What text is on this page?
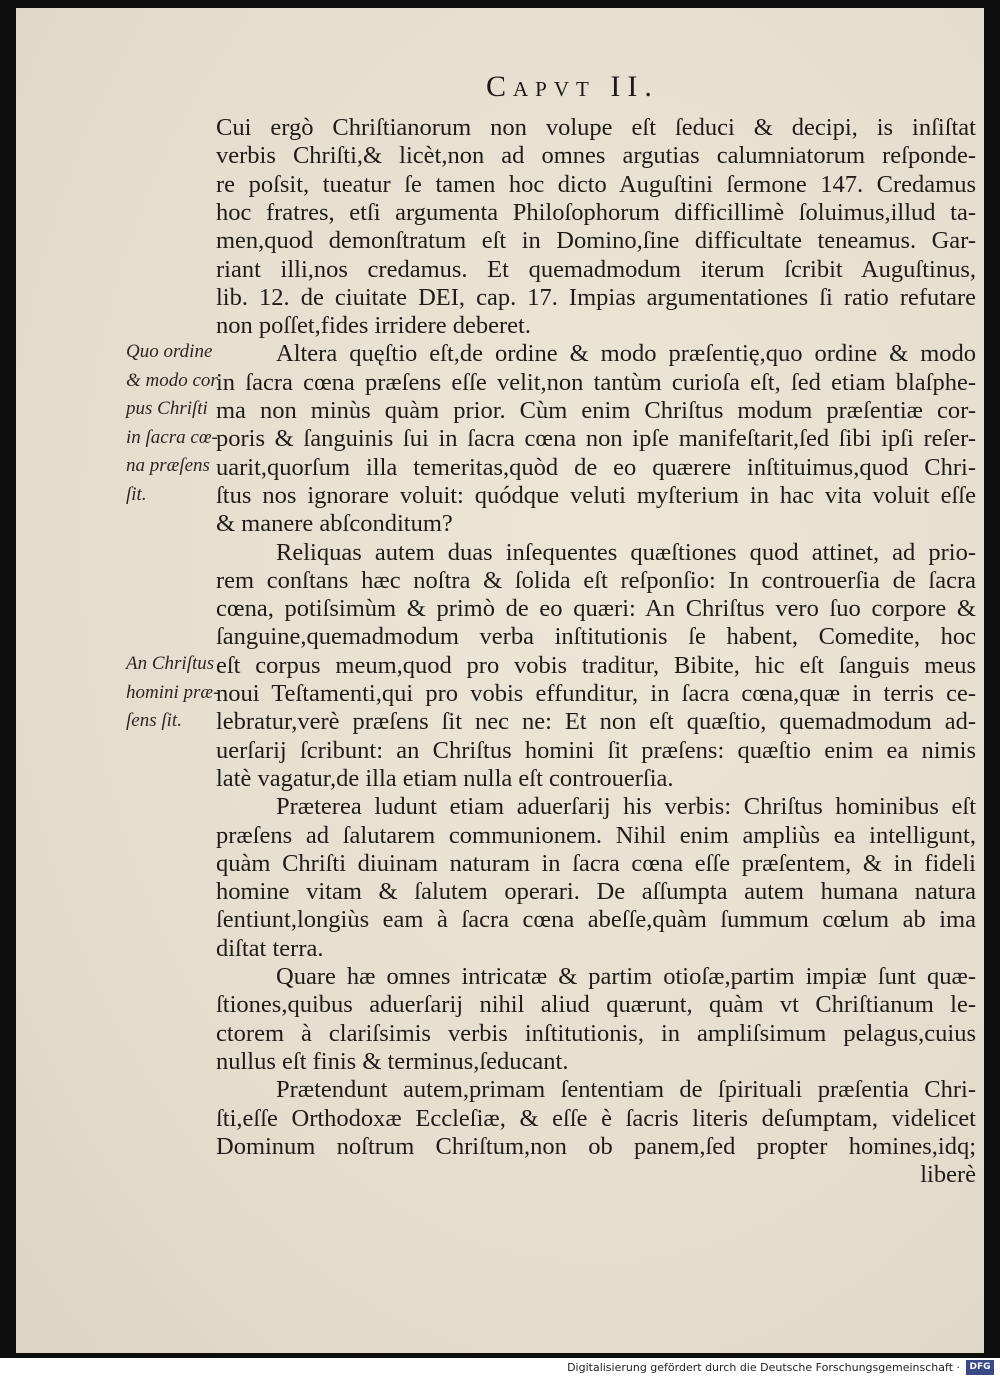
Capvt II.
Cui ergò Chriſtianorum non volupe eſt ſeduci & decipi, is inſiſtat
verbis Chriſti,& licèt,non ad omnes argutias calumniatorum reſponde-
re poſsit, tueatur ſe tamen hoc dicto Auguſtini ſermone 147. Credamus
hoc fratres, etſi argumenta Philoſophorum difficillimè ſoluimus,illud ta-
men,quod demonſtratum eſt in Domino,ſine difficultate teneamus. Gar-
riant illi,nos credamus. Et quemadmodum iterum ſcribit Auguſtinus,
lib. 12. de ciuitate DEI, cap. 17. Impias argumentationes ſi ratio refutare
non poſſet,fides irridere deberet.
Altera quęſtio eſt,de ordine & modo præſentię,quo ordine & modo
in ſacra cœna præſens eſſe velit,non tantùm curioſa eſt, ſed etiam blaſphe-
ma non minùs quàm prior. Cùm enim Chriſtus modum præſentiæ cor-
poris & ſanguinis ſui in ſacra cœna non ipſe manifeſtarit,ſed ſibi ipſi reſer-
uarit,quorſum illa temeritas,quòd de eo quærere inſtituimus,quod Chri-
ſtus nos ignorare voluit: quódque veluti myſterium in hac vita voluit eſſe
& manere abſconditum?
Reliquas autem duas inſequentes quæſtiones quod attinet, ad prio-
rem conſtans hæc noſtra & ſolida eſt reſponſio: In controuerſia de ſacra
cœna, potiſsimùm & primò de eo quæri: An Chriſtus vero ſuo corpore &
ſanguine,quemadmodum verba inſtitutionis ſe habent, Comedite, hoc
eſt corpus meum,quod pro vobis traditur, Bibite, hic eſt ſanguis meus
noui Teſtamenti,qui pro vobis effunditur, in ſacra cœna,quæ in terris ce-
lebratur,verè præſens ſit nec ne: Et non eſt quæſtio, quemadmodum ad-
uerſarij ſcribunt: an Chriſtus homini ſit præſens: quæſtio enim ea nimis
latè vagatur,de illa etiam nulla eſt controuerſia.
Præterea ludunt etiam aduerſarij his verbis: Chriſtus hominibus eſt
præſens ad ſalutarem communionem. Nihil enim ampliùs ea intelligunt,
quàm Chriſti diuinam naturam in ſacra cœna eſſe præſentem, & in fideli
homine vitam & ſalutem operari. De aſſumpta autem humana natura
ſentiunt,longiùs eam à ſacra cœna abeſſe,quàm ſummum cœlum ab ima
diſtat terra.
Quare hæ omnes intricatæ & partim otioſæ,partim impiæ ſunt quæ-
ſtiones,quibus aduerſarij nihil aliud quærunt, quàm vt Chriſtianum le-
ctorem à clariſsimis verbis inſtitutionis, in ampliſsimum pelagus,cuius
nullus eſt finis & terminus,ſeducant.
Prætendunt autem,primam ſententiam de ſpirituali præſentia Chri-
ſti,eſſe Orthodoxæ Eccleſiæ, & eſſe è ſacris literis deſumptam, videlicet
Dominum noſtrum Chriſtum,non ob panem,ſed propter homines,idq;
liberè
Quo ordine
& modo cor
pus Chriſti
in ſacra cœ-
na præſens
ſit.
An Chriſtus
homini præ-
ſens ſit.
Digitalisierung gefördert durch die Deutsche Forschungsgemeinschaft ·	DFG
